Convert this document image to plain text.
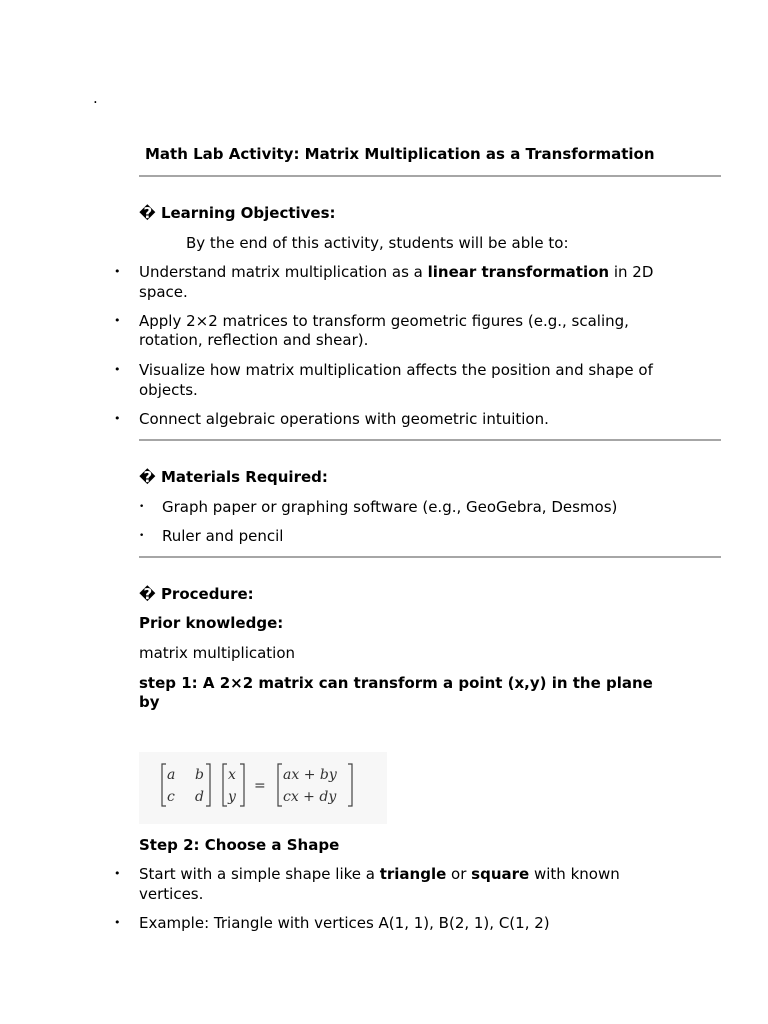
.
Math Lab Activity: Matrix Multiplication as a Transformation
� Learning Objectives:
By the end of this activity, students will be able to:
• Understand matrix multiplication as a linear transformation in 2D
space.
• Apply 2×2 matrices to transform geometric figures (e.g., scaling,
rotation, reflection and shear).
• Visualize how matrix multiplication affects the position and shape of
objects.
• Connect algebraic operations with geometric intuition.
� Materials Required:
• Graph paper or graphing software (e.g., GeoGebra, Desmos)
• Ruler and pencil
� Procedure:
Prior knowledge:
matrix multiplication
step 1: A 2×2 matrix can transform a point (x,y) in the plane
by
a b
c d
x
y
=
ax + by
cx + dy
Step 2: Choose a Shape
• Start with a simple shape like a triangle or square with known
vertices.
• Example: Triangle with vertices A(1, 1), B(2, 1), C(1, 2)
